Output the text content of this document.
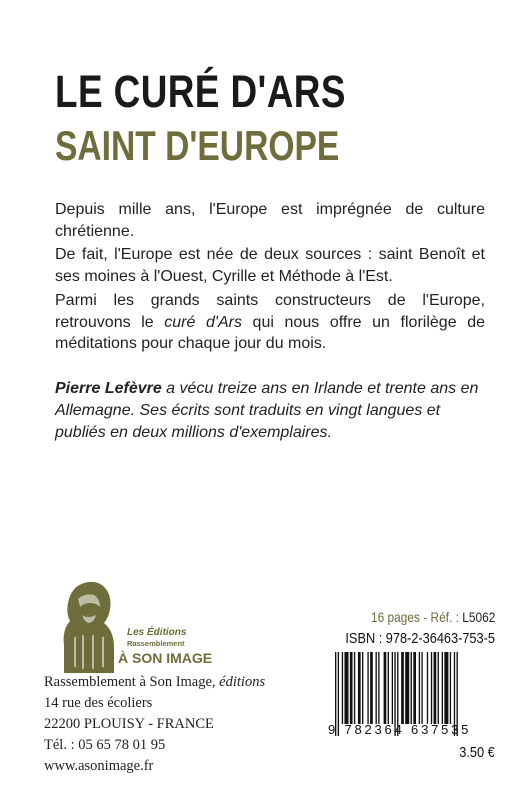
LE CURÉ D'ARS
SAINT D'EUROPE
Depuis mille ans, l'Europe est imprégnée de culture chrétienne.
De fait, l'Europe est née de deux sources : saint Benoît et ses moines à l'Ouest, Cyrille et Méthode à l'Est.
Parmi les grands saints constructeurs de l'Europe, retrouvons le curé d'Ars qui nous offre un florilège de méditations pour chaque jour du mois.
Pierre Lefèvre a vécu treize ans en Irlande et trente ans en Allemagne. Ses écrits sont traduits en vingt langues et publiés en deux millions d'exemplaires.
Les Éditions
Rassemblement
À SON IMAGE
Rassemblement à Son Image, éditions
14 rue des écoliers
22200 PLOUISY - FRANCE
Tél. : 05 65 78 01 95
www.asonimage.fr
16 pages - Réf. : L5062
ISBN : 978-2-36463-753-5
9 782364 637535
3.50 €
